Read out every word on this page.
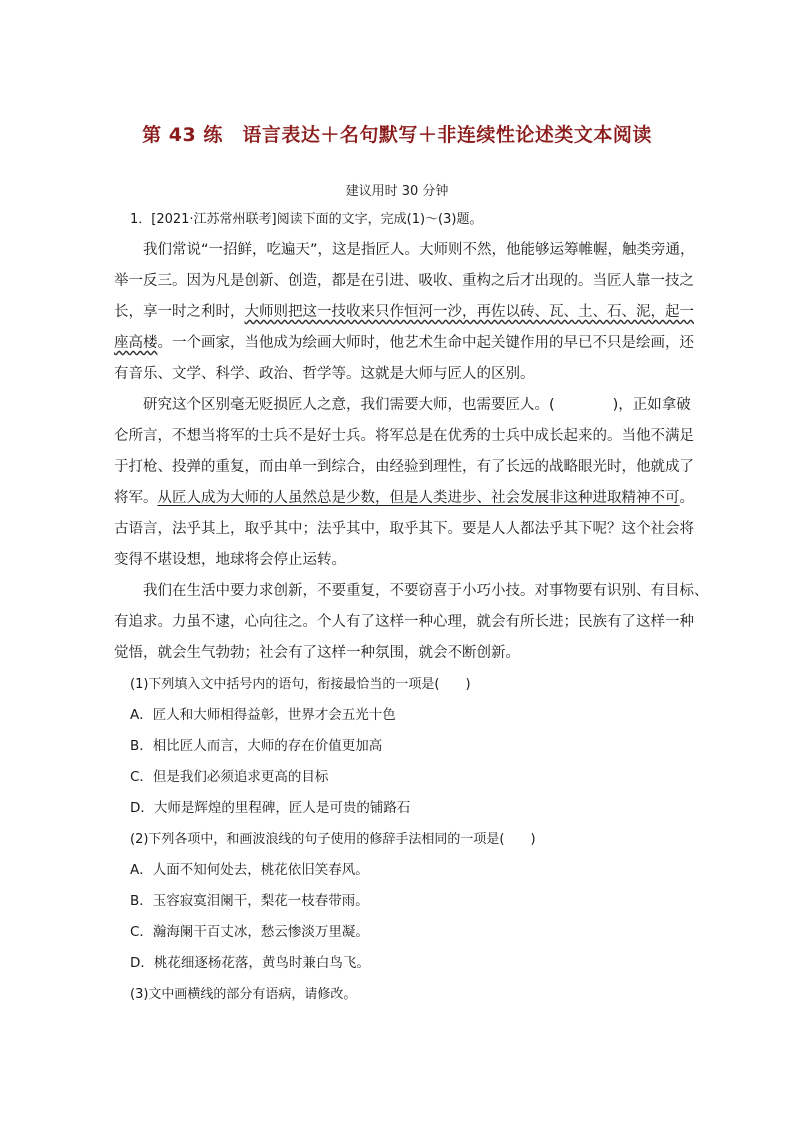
第 43 练　语言表达＋名句默写＋非连续性论述类文本阅读
建议用时 30 分钟
1．[2021·江苏常州联考]阅读下面的文字，完成(1)～(3)题。
我们常说“一招鲜，吃遍天”，这是指匠人。大师则不然，他能够运筹帷幄，触类旁通，
举一反三。因为凡是创新、创造，都是在引进、吸收、重构之后才出现的。当匠人靠一技之
长，享一时之利时，大师则把这一技收来只作恒河一沙，再佐以砖、瓦、土、石、泥，起一
座高楼。一个画家，当他成为绘画大师时，他艺术生命中起关键作用的早已不只是绘画，还
有音乐、文学、科学、政治、哲学等。这就是大师与匠人的区别。
研究这个区别毫无贬损匠人之意，我们需要大师，也需要匠人。(　　　　)，正如拿破
仑所言，不想当将军的士兵不是好士兵。将军总是在优秀的士兵中成长起来的。当他不满足
于打枪、投弹的重复，而由单一到综合，由经验到理性，有了长远的战略眼光时，他就成了
将军。从匠人成为大师的人虽然总是少数，但是人类进步、社会发展非这种进取精神不可。
古语言，法乎其上，取乎其中；法乎其中，取乎其下。要是人人都法乎其下呢？这个社会将
变得不堪设想，地球将会停止运转。
我们在生活中要力求创新，不要重复，不要窃喜于小巧小技。对事物要有识别、有目标、
有追求。力虽不逮，心向往之。个人有了这样一种心理，就会有所长进；民族有了这样一种
觉悟，就会生气勃勃；社会有了这样一种氛围，就会不断创新。
(1)下列填入文中括号内的语句，衔接最恰当的一项是(　　)
A．匠人和大师相得益彰，世界才会五光十色
B．相比匠人而言，大师的存在价值更加高
C．但是我们必须追求更高的目标
D．大师是辉煌的里程碑，匠人是可贵的铺路石
(2)下列各项中，和画波浪线的句子使用的修辞手法相同的一项是(　　)
A．人面不知何处去，桃花依旧笑春风。
B．玉容寂寞泪阑干，梨花一枝春带雨。
C．瀚海阑干百丈冰，愁云惨淡万里凝。
D．桃花细逐杨花落，黄鸟时兼白鸟飞。
(3)文中画横线的部分有语病，请修改。
